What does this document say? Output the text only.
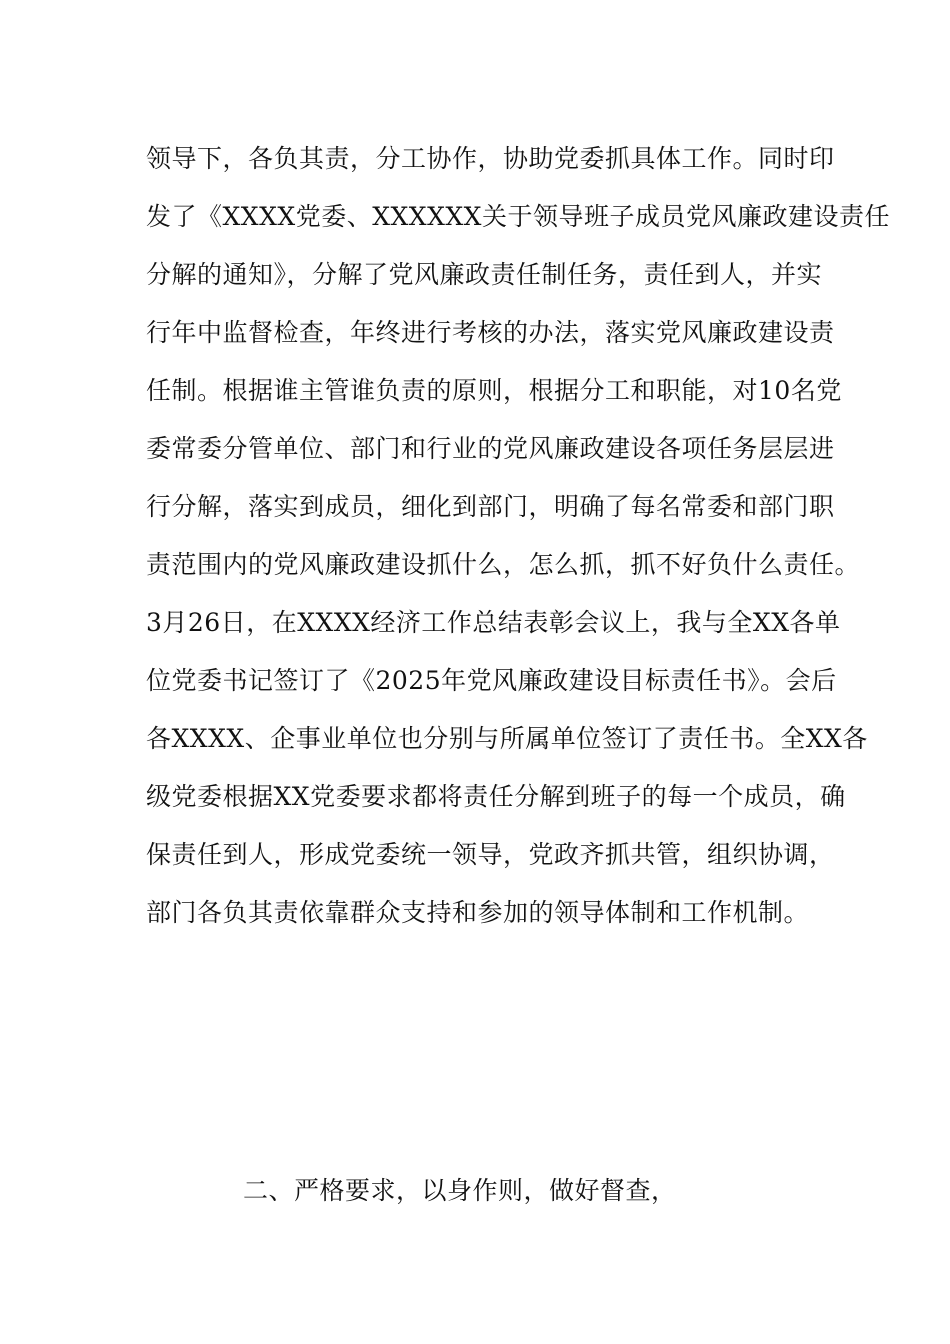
领导下，各负其责，分工协作，协助党委抓具体工作。同时印
发了《XXXX党委、XXXXXX关于领导班子成员党风廉政建设责任
分解的通知》，分解了党风廉政责任制任务，责任到人，并实
行年中监督检查，年终进行考核的办法，落实党风廉政建设责
任制。根据谁主管谁负责的原则，根据分工和职能，对10名党
委常委分管单位、部门和行业的党风廉政建设各项任务层层进
行分解，落实到成员，细化到部门，明确了每名常委和部门职
责范围内的党风廉政建设抓什么，怎么抓，抓不好负什么责任。
3月26日，在XXXX经济工作总结表彰会议上，我与全XX各单
位党委书记签订了《2025年党风廉政建设目标责任书》。会后
各XXXX、企事业单位也分别与所属单位签订了责任书。全XX各
级党委根据XX党委要求都将责任分解到班子的每一个成员，确
保责任到人，形成党委统一领导，党政齐抓共管，组织协调，
部门各负其责依靠群众支持和参加的领导体制和工作机制。
二、严格要求，以身作则，做好督查，
